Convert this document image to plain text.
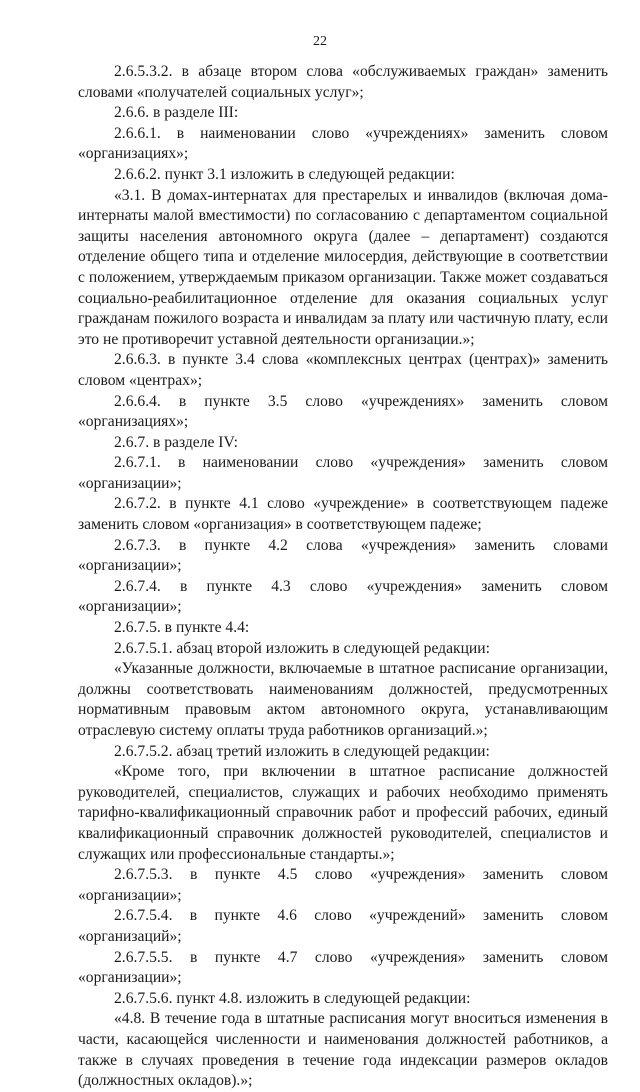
22

2.6.5.3.2. в абзаце втором слова «обслуживаемых граждан» заменить словами «получателей социальных услуг»;

2.6.6. в разделе III:

2.6.6.1. в наименовании слово «учреждениях» заменить словом «организациях»;

2.6.6.2. пункт 3.1 изложить в следующей редакции:

«3.1. В домах-интернатах для престарелых и инвалидов (включая дома-интернаты малой вместимости) по согласованию с департаментом социальной защиты населения автономного округа (далее – департамент) создаются отделение общего типа и отделение милосердия, действующие в соответствии с положением, утверждаемым приказом организации. Также может создаваться социально-реабилитационное отделение для оказания социальных услуг гражданам пожилого возраста и инвалидам за плату или частичную плату, если это не противоречит уставной деятельности организации.»;

2.6.6.3. в пункте 3.4 слова «комплексных центрах (центрах)» заменить словом «центрах»;

2.6.6.4. в пункте 3.5 слово «учреждениях» заменить словом «организациях»;

2.6.7. в разделе IV:

2.6.7.1. в наименовании слово «учреждения» заменить словом «организации»;

2.6.7.2. в пункте 4.1 слово «учреждение» в соответствующем падеже заменить словом «организация» в соответствующем падеже;

2.6.7.3. в пункте 4.2 слова «учреждения» заменить словами «организации»;

2.6.7.4. в пункте 4.3 слово «учреждения» заменить словом «организации»;

2.6.7.5. в пункте 4.4:

2.6.7.5.1. абзац второй изложить в следующей редакции:

«Указанные должности, включаемые в штатное расписание организации, должны соответствовать наименованиям должностей, предусмотренных нормативным правовым актом автономного округа, устанавливающим отраслевую систему оплаты труда работников организаций.»;

2.6.7.5.2. абзац третий изложить в следующей редакции:

«Кроме того, при включении в штатное расписание должностей руководителей, специалистов, служащих и рабочих необходимо применять тарифно-квалификационный справочник работ и профессий рабочих, единый квалификационный справочник должностей руководителей, специалистов и служащих или профессиональные стандарты.»;

2.6.7.5.3. в пункте 4.5 слово «учреждения» заменить словом «организации»;

2.6.7.5.4. в пункте 4.6 слово «учреждений» заменить словом «организаций»;

2.6.7.5.5. в пункте 4.7 слово «учреждения» заменить словом «организации»;

2.6.7.5.6. пункт 4.8. изложить в следующей редакции:

«4.8. В течение года в штатные расписания могут вноситься изменения в части, касающейся численности и наименования должностей работников, а также в случаях проведения в течение года индексации размеров окладов (должностных окладов).»;
